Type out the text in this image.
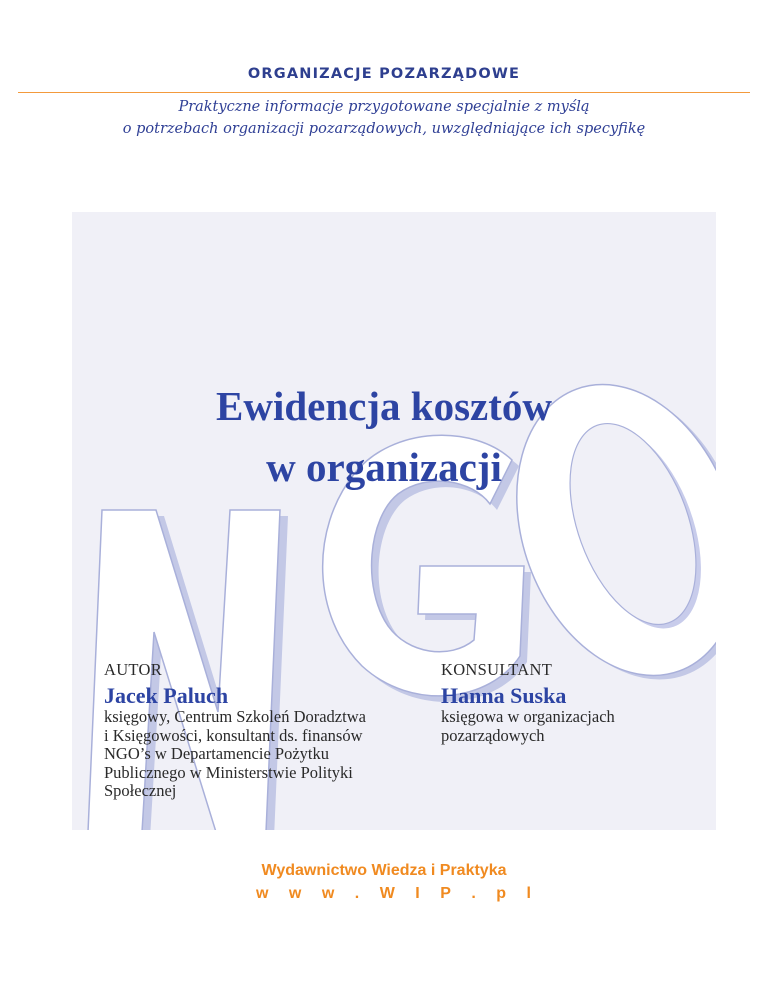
ORGANIZACJE POZARZĄDOWE
Praktyczne informacje przygotowane specjalnie z myślą
o potrzebach organizacji pozarządowych, uwzględniające ich specyfikę
Ewidencja kosztów
w organizacji
AUTOR
Jacek Paluch
księgowy, Centrum Szkoleń Doradztwa
i Księgowości, konsultant ds. finansów
NGO’s w Departamencie Pożytku
Publicznego w Ministerstwie Polityki
Społecznej
KONSULTANT
Hanna Suska
księgowa w organizacjach
pozarządowych
Wydawnictwo Wiedza i Praktyka
w w w . W I P . p l
